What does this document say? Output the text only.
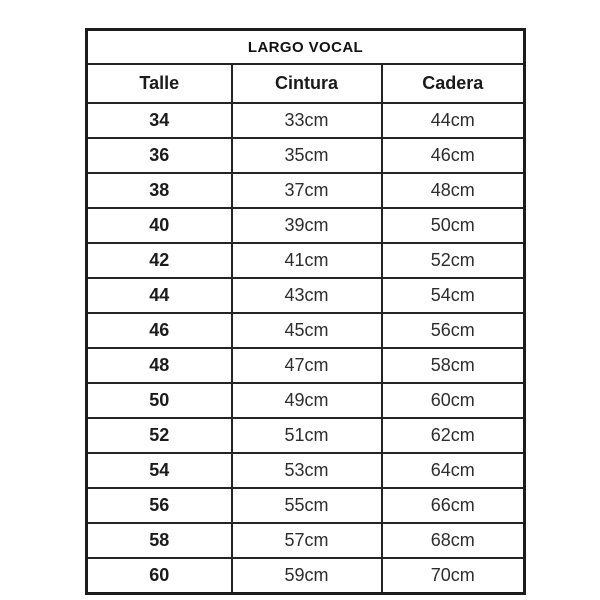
LARGO VOCAL		
Talle	Cintura	Cadera
34	33cm	44cm
36	35cm	46cm
38	37cm	48cm
40	39cm	50cm
42	41cm	52cm
44	43cm	54cm
46	45cm	56cm
48	47cm	58cm
50	49cm	60cm
52	51cm	62cm
54	53cm	64cm
56	55cm	66cm
58	57cm	68cm
60	59cm	70cm
